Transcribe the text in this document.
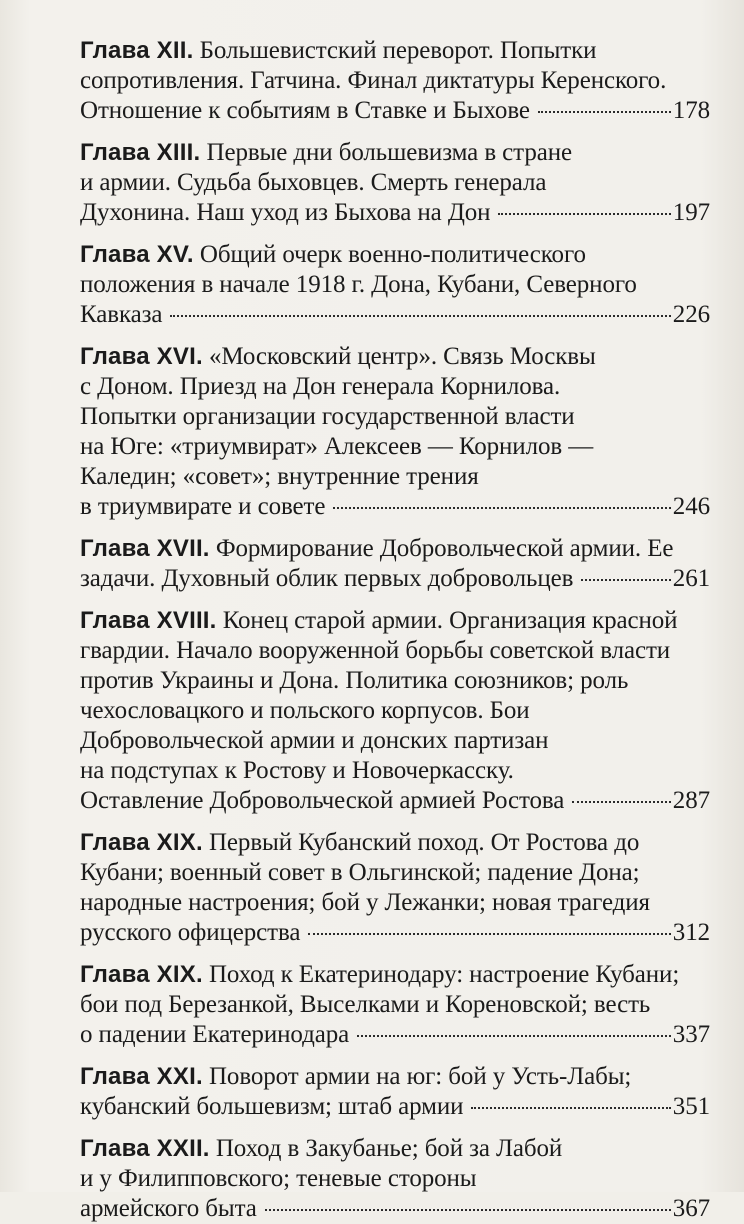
Глава XII. Большевистский переворот. Попытки
сопротивления. Гатчина. Финал диктатуры Керенского.
Отношение к событиям в Ставке и Быхове	178
Глава XIII. Первые дни большевизма в стране
и армии. Судьба быховцев. Смерть генерала
Духонина. Наш уход из Быхова на Дон	197
Глава XV. Общий очерк военно-политического
положения в начале 1918 г. Дона, Кубани, Северного
Кавказа	226
Глава XVI. «Московский центр». Связь Москвы
с Доном. Приезд на Дон генерала Корнилова.
Попытки организации государственной власти
на Юге: «триумвират» Алексеев — Корнилов —
Каледин; «совет»; внутренние трения
в триумвирате и совете	246
Глава XVII. Формирование Добровольческой армии. Ее
задачи. Духовный облик первых добровольцев	261
Глава XVIII. Конец старой армии. Организация красной
гвардии. Начало вооруженной борьбы советской власти
против Украины и Дона. Политика союзников; роль
чехословацкого и польского корпусов. Бои
Добровольческой армии и донских партизан
на подступах к Ростову и Новочеркасску.
Оставление Добровольческой армией Ростова	287
Глава XIX. Первый Кубанский поход. От Ростова до
Кубани; военный совет в Ольгинской; падение Дона;
народные настроения; бой у Лежанки; новая трагедия
русского офицерства	312
Глава XIX. Поход к Екатеринодару: настроение Кубани;
бои под Березанкой, Выселками и Кореновской; весть
о падении Екатеринодара	337
Глава XXI. Поворот армии на юг: бой у Усть-Лабы;
кубанский большевизм; штаб армии	351
Глава XXII. Поход в Закубанье; бой за Лабой
и у Филипповского; теневые стороны
армейского быта	367
